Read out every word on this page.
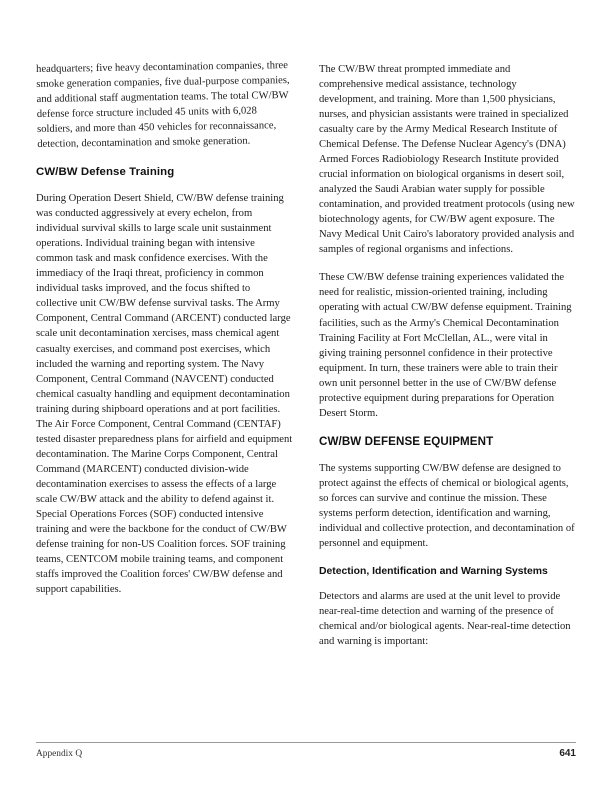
headquarters; five heavy decontamination companies, three smoke generation companies, five dual-purpose companies, and additional staff augmentation teams. The total CW/BW defense force structure included 45 units with 6,028 soldiers, and more than 450 vehicles for reconnaissance, detection, decontamination and smoke generation.

CW/BW Defense Training

During Operation Desert Shield, CW/BW defense training was conducted aggressively at every echelon, from individual survival skills to large scale unit sustainment operations. Individual training began with intensive common task and mask confidence exercises. With the immediacy of the Iraqi threat, proficiency in common individual tasks improved, and the focus shifted to collective unit CW/BW defense survival tasks. The Army Component, Central Command (ARCENT) conducted large scale unit decontamination xercises, mass chemical agent casualty exercises, and command post exercises, which included the warning and reporting system. The Navy Component, Central Command (NAVCENT) conducted chemical casualty handling and equipment decontamination training during shipboard operations and at port facilities. The Air Force Component, Central Command (CENTAF) tested disaster preparedness plans for airfield and equipment decontamination. The Marine Corps Component, Central Command (MARCENT) conducted division-wide decontamination exercises to assess the effects of a large scale CW/BW attack and the ability to defend against it. Special Operations Forces (SOF) conducted intensive training and were the backbone for the conduct of CW/BW defense training for non-US Coalition forces. SOF training teams, CENTCOM mobile training teams, and component staffs improved the Coalition forces' CW/BW defense and support capabilities.

The CW/BW threat prompted immediate and comprehensive medical assistance, technology development, and training. More than 1,500 physicians, nurses, and physician assistants were trained in specialized casualty care by the Army Medical Research Institute of Chemical Defense. The Defense Nuclear Agency's (DNA) Armed Forces Radiobiology Research Institute provided crucial information on biological organisms in desert soil, analyzed the Saudi Arabian water supply for possible contamination, and provided treatment protocols (using new biotechnology agents, for CW/BW agent exposure. The Navy Medical Unit Cairo's laboratory provided analysis and samples of regional organisms and infections.

These CW/BW defense training experiences validated the need for realistic, mission-oriented training, including operating with actual CW/BW defense equipment. Training facilities, such as the Army's Chemical Decontamination Training Facility at Fort McClellan, AL., were vital in giving training personnel confidence in their protective equipment. In turn, these trainers were able to train their own unit personnel better in the use of CW/BW defense protective equipment during preparations for Operation Desert Storm.

CW/BW DEFENSE EQUIPMENT

The systems supporting CW/BW defense are designed to protect against the effects of chemical or biological agents, so forces can survive and continue the mission. These systems perform detection, identification and warning, individual and collective protection, and decontamination of personnel and equipment.

Detection, Identification and Warning Systems

Detectors and alarms are used at the unit level to provide near-real-time detection and warning of the presence of chemical and/or biological agents. Near-real-time detection and warning is important:

Appendix Q	641
